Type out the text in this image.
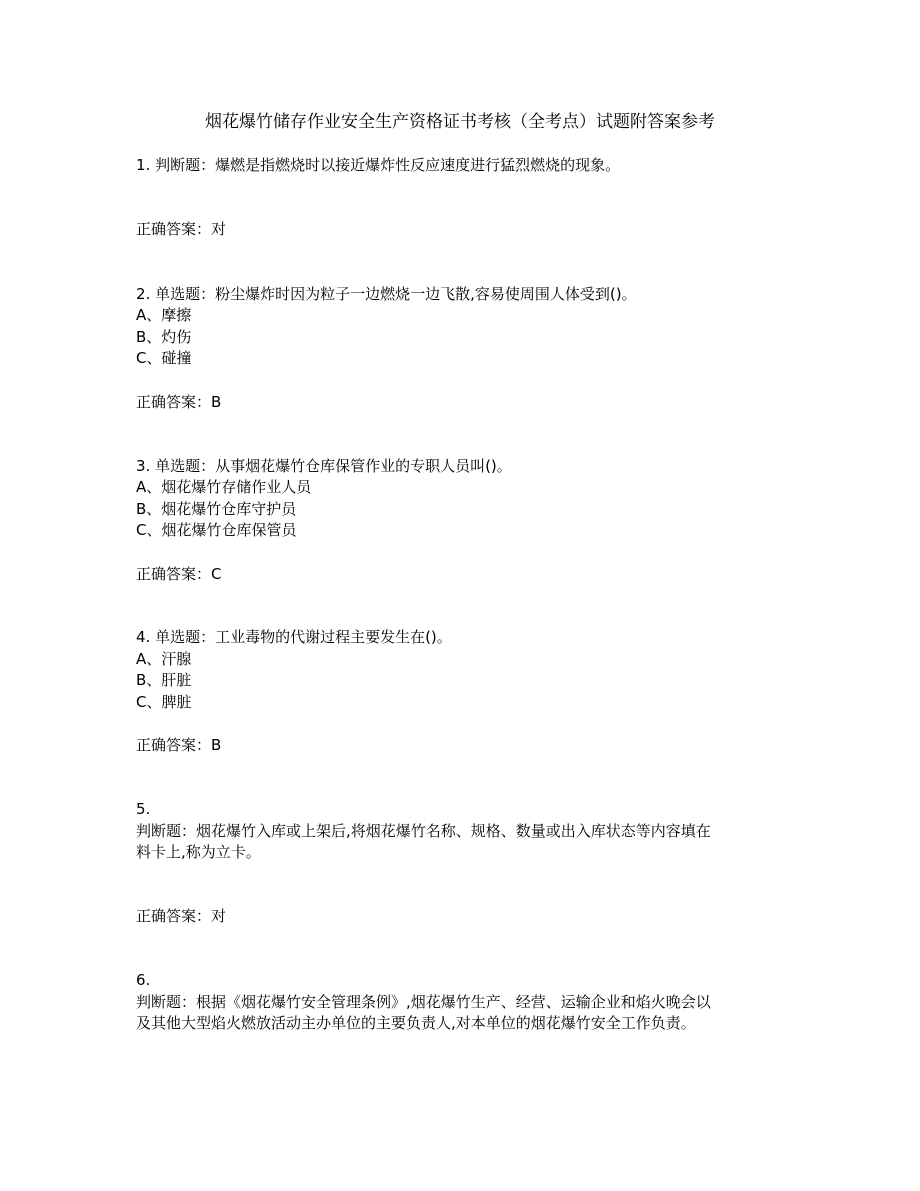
烟花爆竹储存作业安全生产资格证书考核（全考点）试题附答案参考
1. 判断题：爆燃是指燃烧时以接近爆炸性反应速度进行猛烈燃烧的现象。
正确答案：对
2. 单选题：粉尘爆炸时因为粒子一边燃烧一边飞散,容易使周围人体受到()。
A、摩擦
B、灼伤
C、碰撞
正确答案：B
3. 单选题：从事烟花爆竹仓库保管作业的专职人员叫()。
A、烟花爆竹存储作业人员
B、烟花爆竹仓库守护员
C、烟花爆竹仓库保管员
正确答案：C
4. 单选题：工业毒物的代谢过程主要发生在()。
A、汗腺
B、肝脏
C、脾脏
正确答案：B
5.
判断题：烟花爆竹入库或上架后,将烟花爆竹名称、规格、数量或出入库状态等内容填在
料卡上,称为立卡。
正确答案：对
6.
判断题：根据《烟花爆竹安全管理条例》,烟花爆竹生产、经营、运输企业和焰火晚会以
及其他大型焰火燃放活动主办单位的主要负责人,对本单位的烟花爆竹安全工作负责。
